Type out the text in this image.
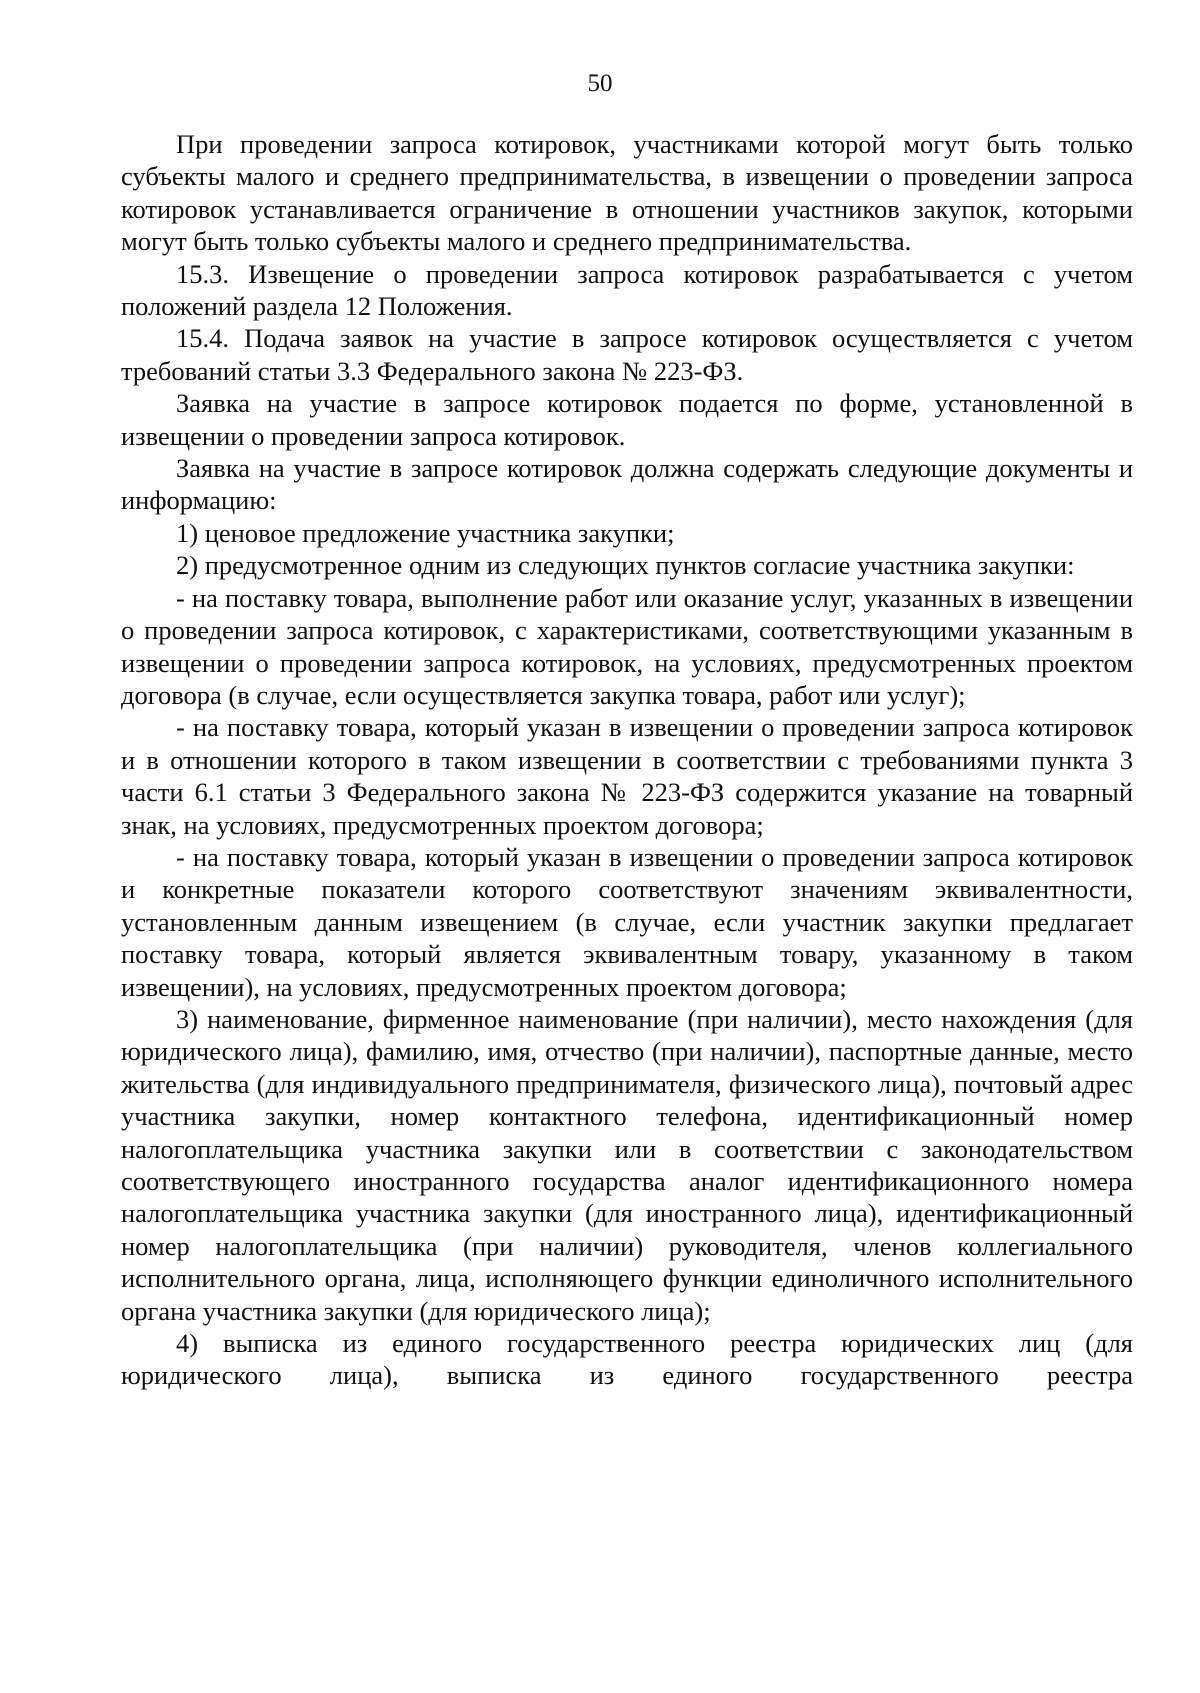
50

При проведении запроса котировок, участниками которой могут быть только субъекты малого и среднего предпринимательства, в извещении о проведении запроса котировок устанавливается ограничение в отношении участников закупок, которыми могут быть только субъекты малого и среднего предпринимательства.

15.3. Извещение о проведении запроса котировок разрабатывается с учетом положений раздела 12 Положения.

15.4. Подача заявок на участие в запросе котировок осуществляется с учетом требований статьи 3.3 Федерального закона № 223-ФЗ.

Заявка на участие в запросе котировок подается по форме, установленной в извещении о проведении запроса котировок.

Заявка на участие в запросе котировок должна содержать следующие документы и информацию:

1) ценовое предложение участника закупки;

2) предусмотренное одним из следующих пунктов согласие участника закупки:

- на поставку товара, выполнение работ или оказание услуг, указанных в извещении о проведении запроса котировок, с характеристиками, соответствующими указанным в извещении о проведении запроса котировок, на условиях, предусмотренных проектом договора (в случае, если осуществляется закупка товара, работ или услуг);

- на поставку товара, который указан в извещении о проведении запроса котировок и в отношении которого в таком извещении в соответствии с требованиями пункта 3 части 6.1 статьи 3 Федерального закона № 223-ФЗ содержится указание на товарный знак, на условиях, предусмотренных проектом договора;

- на поставку товара, который указан в извещении о проведении запроса котировок и конкретные показатели которого соответствуют значениям эквивалентности, установленным данным извещением (в случае, если участник закупки предлагает поставку товара, который является эквивалентным товару, указанному в таком извещении), на условиях, предусмотренных проектом договора;

3) наименование, фирменное наименование (при наличии), место нахождения (для юридического лица), фамилию, имя, отчество (при наличии), паспортные данные, место жительства (для индивидуального предпринимателя, физического лица), почтовый адрес участника закупки, номер контактного телефона, идентификационный номер налогоплательщика участника закупки или в соответствии с законодательством соответствующего иностранного государства аналог идентификационного номера налогоплательщика участника закупки (для иностранного лица), идентификационный номер налогоплательщика (при наличии) руководителя, членов коллегиального исполнительного органа, лица, исполняющего функции единоличного исполнительного органа участника закупки (для юридического лица);

4) выписка из единого государственного реестра юридических лиц (для юридического лица), выписка из единого государственного реестра
